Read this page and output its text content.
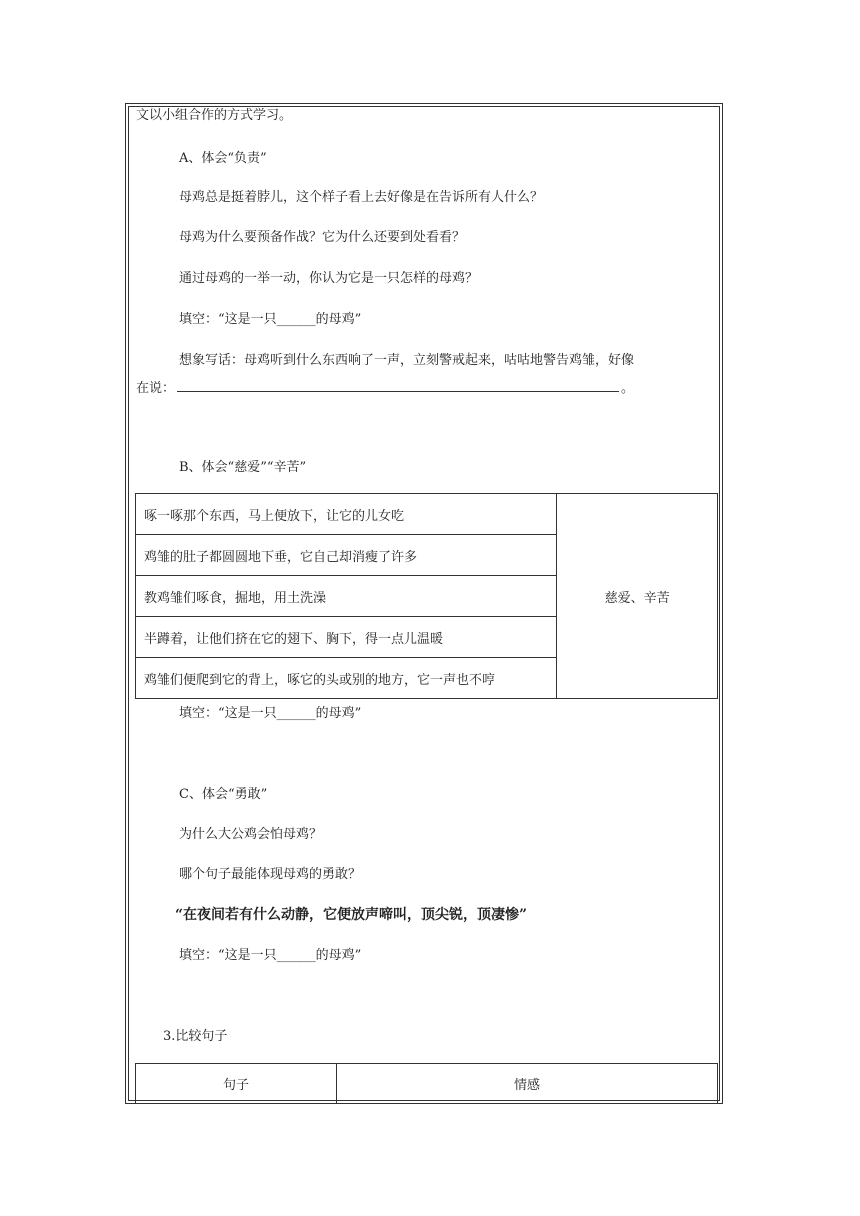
文以小组合作的方式学习。
A、体会“负责”
母鸡总是挺着脖儿，这个样子看上去好像是在告诉所有人什么？
母鸡为什么要预备作战？它为什么还要到处看看？
通过母鸡的一举一动，你认为它是一只怎样的母鸡？
填空：“这是一只______的母鸡”
想象写话：母鸡听到什么东西响了一声，立刻警戒起来，咕咕地警告鸡雏，好像
在说：	。
B、体会“慈爱”“辛苦”
啄一啄那个东西，马上便放下，让它的儿女吃	慈爱、辛苦
鸡雏的肚子都圆圆地下垂，它自己却消瘦了许多
教鸡雏们啄食，掘地，用土洗澡
半蹲着，让他们挤在它的翅下、胸下，得一点儿温暖
鸡雏们便爬到它的背上，啄它的头或别的地方，它一声也不哼
填空：“这是一只______的母鸡”
C、体会“勇敢”
为什么大公鸡会怕母鸡？
哪个句子最能体现母鸡的勇敢？
“在夜间若有什么动静，它便放声啼叫，顶尖锐，顶凄惨”
填空：“这是一只______的母鸡”
3.比较句子
句子	情感
